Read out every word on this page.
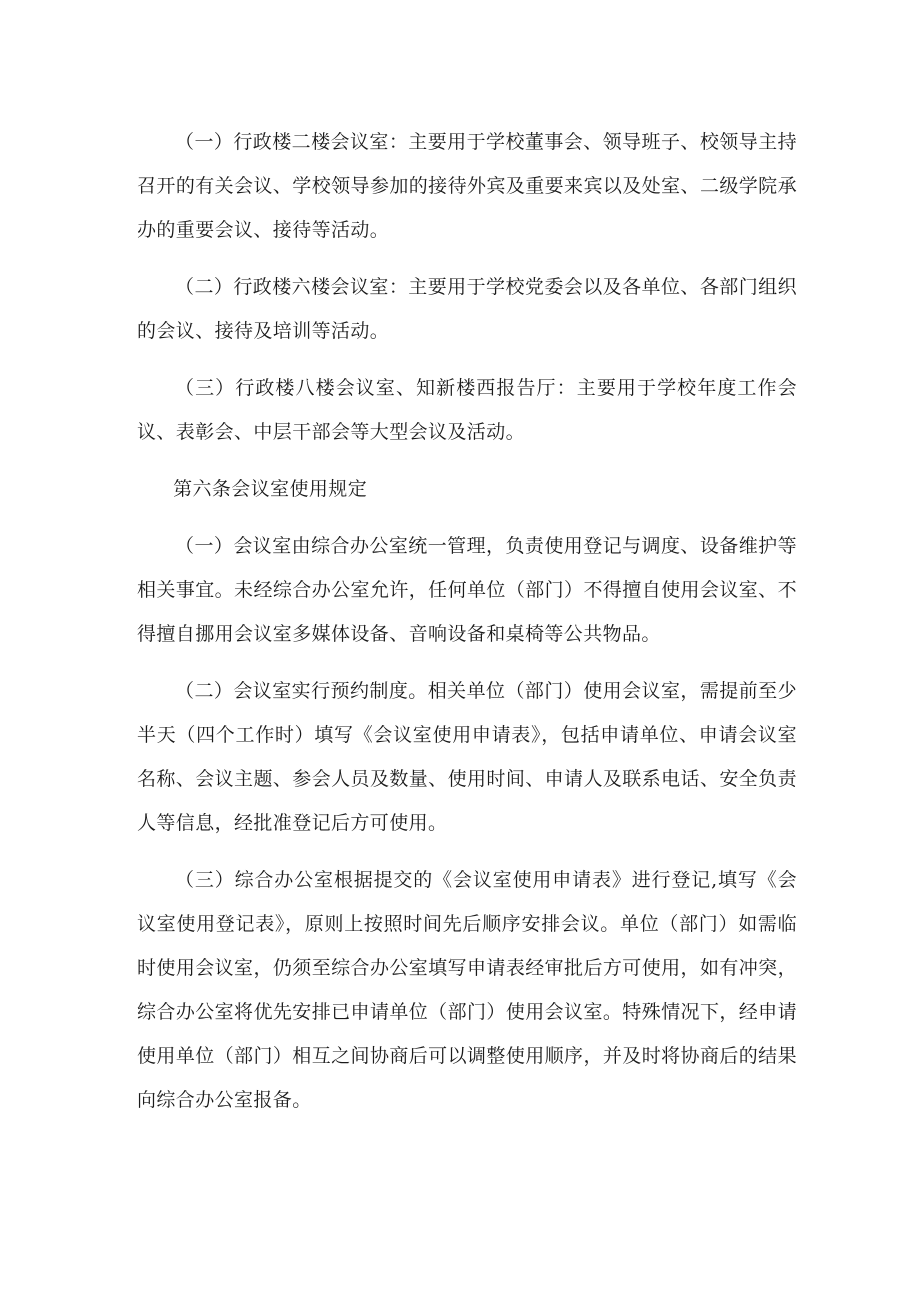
（一）行政楼二楼会议室：主要用于学校董事会、领导班子、校领导主持召开的有关会议、学校领导参加的接待外宾及重要来宾以及处室、二级学院承办的重要会议、接待等活动。

（二）行政楼六楼会议室：主要用于学校党委会以及各单位、各部门组织的会议、接待及培训等活动。

（三）行政楼八楼会议室、知新楼西报告厅：主要用于学校年度工作会议、表彰会、中层干部会等大型会议及活动。

第六条会议室使用规定

（一）会议室由综合办公室统一管理，负责使用登记与调度、设备维护等相关事宜。未经综合办公室允许，任何单位（部门）不得擅自使用会议室、不得擅自挪用会议室多媒体设备、音响设备和桌椅等公共物品。

（二）会议室实行预约制度。相关单位（部门）使用会议室，需提前至少半天（四个工作时）填写《会议室使用申请表》，包括申请单位、申请会议室名称、会议主题、参会人员及数量、使用时间、申请人及联系电话、安全负责人等信息，经批准登记后方可使用。

（三）综合办公室根据提交的《会议室使用申请表》进行登记,填写《会议室使用登记表》，原则上按照时间先后顺序安排会议。单位（部门）如需临时使用会议室，仍须至综合办公室填写申请表经审批后方可使用，如有冲突，综合办公室将优先安排已申请单位（部门）使用会议室。特殊情况下，经申请使用单位（部门）相互之间协商后可以调整使用顺序，并及时将协商后的结果向综合办公室报备。
